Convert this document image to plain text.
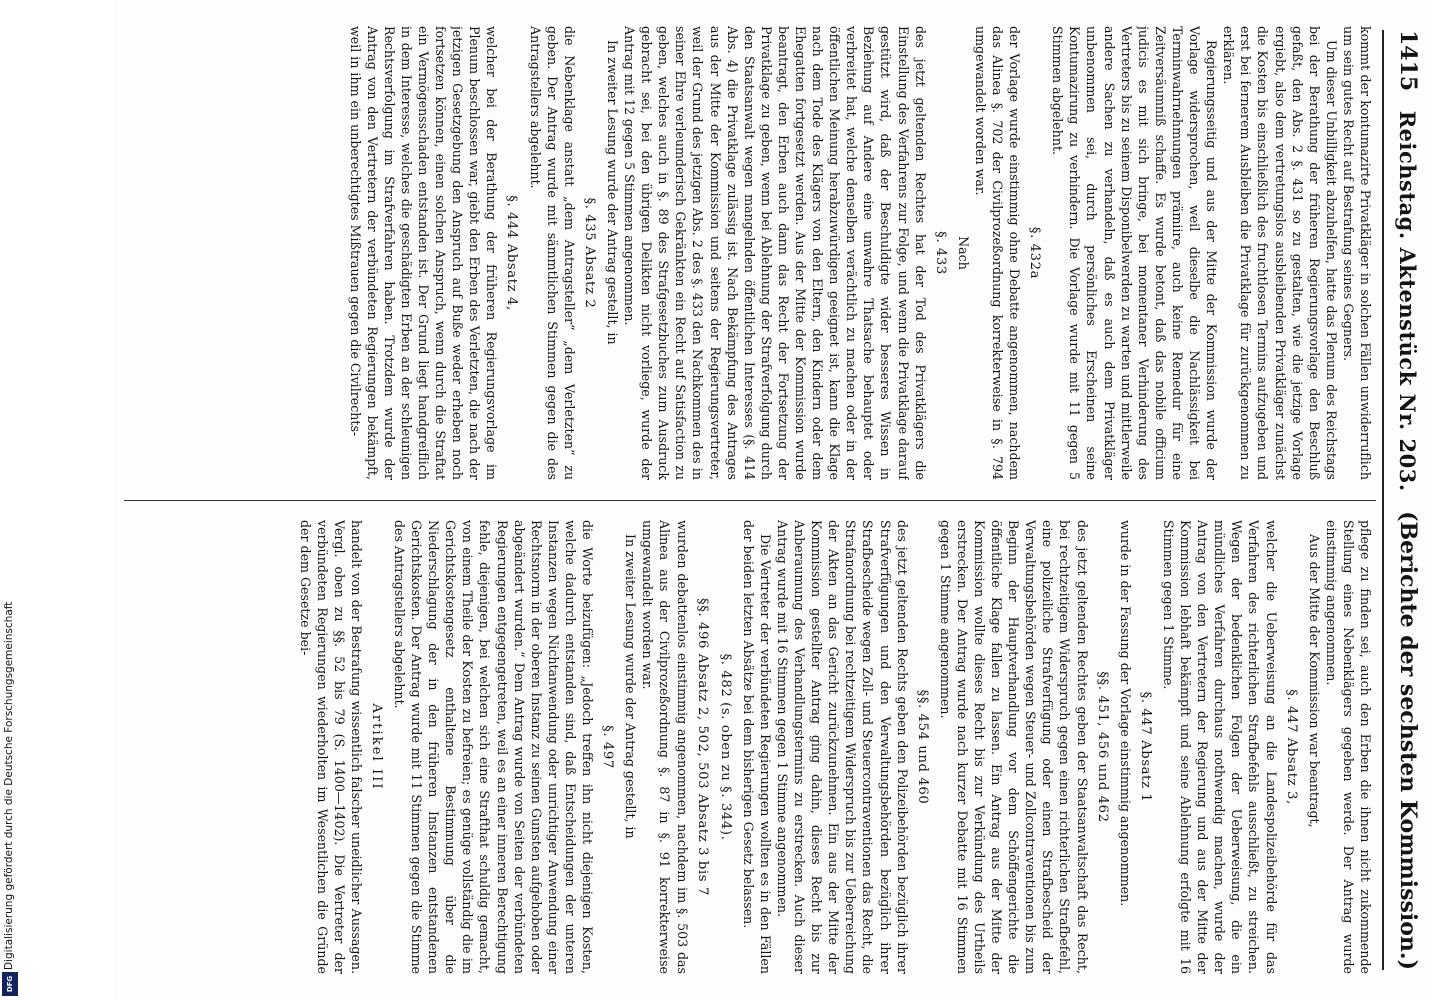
Digitalisierung gefördert durch die Deutsche Forschungsgemeinschaft
DFG
1415
Reichstag. Aktenstück Nr. 203.
(Berichte der sechsten Kommission.)

kommt der kontumazirte Privatkläger in solchen Fällen unwiderruflich um sein gutes Recht auf Bestrafung seines Gegners.

Um dieser Unbilligkeit abzuhelfen, hatte das Plenum des Reichstags bei der Berathung der früheren Regierungsvorlage den Beschluß gefaßt, den Abs. 2 §. 431 so zu gestalten, wie die jetzige Vorlage ergiebt, also dem vertretungslos ausbleibenden Privatkläger zunächst die Kosten bis einschließlich des fruchtlosen Termins aufzugeben und erst bei fernerem Ausbleiben die Privatklage für zurückgenommen zu erklären.

Regierungsseitig und aus der Mitte der Kommission wurde der Vorlage widersprochen, weil dieselbe die Nachlässigkeit bei Terminwahrnehmungen prämiire, auch keine Remedur für eine Zeitversäumniß schaffe. Es wurde betont, daß das nobile officium judicis es mit sich bringe, bei momentaner Verhinderung des Vertreters bis zu seinem Disponibelwerden zu warten und mittlerweile andere Sachen zu verhandeln, daß es auch dem Privatkläger unbenommen sei, durch persönliches Erscheinen seine Kontumazirung zu verhindern. Die Vorlage wurde mit 11 gegen 5 Stimmen abgelehnt.

§. 432a

der Vorlage wurde einstimmig ohne Debatte angenommen, nachdem das Alinea §. 702 der Civilprozeßordnung korrekterweise in §. 794 umgewandelt worden war.

Nach

§. 433

des jetzt geltenden Rechtes hat der Tod des Privatklägers die Einstellung des Verfahrens zur Folge, und wenn die Privatklage darauf gestützt wird, daß der Beschuldigte wider besseres Wissen in Beziehung auf Andere eine unwahre Thatsache behauptet oder verbreitet hat, welche denselben verächtlich zu machen oder in der öffentlichen Meinung herabzuwürdigen geeignet ist, kann die Klage nach dem Tode des Klägers von den Eltern, den Kindern oder dem Ehegatten fortgesetzt werden. Aus der Mitte der Kommission wurde beantragt, den Erben auch dann das Recht der Fortsetzung der Privatklage zu geben, wenn bei Ablehnung der Strafverfolgung durch den Staatsanwalt wegen mangelnden öffentlichen Interesses (§. 414 Abs. 4) die Privatklage zulässig ist. Nach Bekämpfung des Antrages aus der Mitte der Kommission und seitens der Regierungsvertreter, weil der Grund des jetzigen Abs. 2 des §. 433 den Nachkommen des in seiner Ehre verleumderisch Gekränkten ein Recht auf Satisfaction zu geben, welches auch in §. 89 des Strafgesetzbuches zum Ausdruck gebracht sei, bei den übrigen Delikten nicht vorliege, wurde der Antrag mit 12 gegen 5 Stimmen angenommen.

In zweiter Lesung wurde der Antrag gestellt, in

§. 435 Absatz 2

die Nebenklage anstatt „dem Antragsteller“ „dem Verletzten“ zu geben. Der Antrag wurde mit sämmtlichen Stimmen gegen die des Antragstellers abgelehnt.

§. 444 Absatz 4,

welcher bei der Berathung der früheren Regierungsvorlage im Plenum beschlossen war, giebt den Erben des Verletzten, die nach der jetzigen Gesetzgebung den Anspruch auf Buße weder erheben noch fortsetzen können, einen solchen Anspruch, wenn durch die Straftat ein Vermögensschaden entstanden ist. Der Grund liegt handgreiflich in dem Interesse, welches die geschädigten Erben an der schleunigen Rechtsverfolgung im Strafverfahren haben. Trotzdem wurde der Antrag von den Vertretern der verbündeten Regierungen bekämpft, weil in ihm ein unberechtigtes Mißtrauen gegen die Civilrechts-

pflege zu finden sei, auch den Erben die ihnen nicht zukommende Stellung eines Nebenklägers gegeben werde. Der Antrag wurde einstimmig angenommen.

Aus der Mitte der Kommission war beantragt,

§. 447 Absatz 3,

welcher die Ueberweisung an die Landespolizeibehörde für das Verfahren des richterlichen Strafbefehls ausschließt, zu streichen. Wegen der bedenklichen Folgen der Ueberweisung, die ein mündliches Verfahren durchaus nothwendig machen, wurde der Antrag von den Vertretern der Regierung und aus der Mitte der Kommission lebhaft bekämpft und seine Ablehnung erfolgte mit 16 Stimmen gegen 1 Stimme.

§. 447 Absatz 1

wurde in der Fassung der Vorlage einstimmig angenommen.

§§. 451, 456 und 462

des jetzt geltenden Rechtes geben der Staatsanwaltschaft das Recht, bei rechtzeitigem Widerspruch gegen einen richterlichen Strafbefehl, eine polizeiliche Strafverfügung oder einen Strafbescheid der Verwaltungsbehörden wegen Steuer- und Zollcontraventionen bis zum Beginn der Hauptverhandlung vor dem Schöffengerichte die öffentliche Klage fallen zu lassen. Ein Antrag aus der Mitte der Kommission wollte dieses Recht bis zur Verkündung des Urtheils erstrecken. Der Antrag wurde nach kurzer Debatte mit 16 Stimmen gegen 1 Stimme angenommen.

§§. 454 und 460

des jetzt geltenden Rechts geben den Polizeibehörden bezüglich ihrer Strafverfügungen und den Verwaltungsbehörden bezüglich ihrer Strafbescheide wegen Zoll- und Steuercontraventionen das Recht, die Strafanordnung bei rechtzeitigem Widerspruch bis zur Ueberreichung der Akten an das Gericht zurückzunehmen. Ein aus der Mitte der Kommission gestellter Antrag ging dahin, dieses Recht bis zur Anberaumung des Verhandlungstermins zu erstrecken. Auch dieser Antrag wurde mit 16 Stimmen gegen 1 Stimme angenommen.

Die Vertreter der verbündeten Regierungen wollten es in den Fällen der beiden letzten Absätze bei dem bisherigen Gesetz belassen.

§. 482 (s. oben zu §. 344).

§§. 496 Absatz 2, 502, 503 Absatz 3 bis 7

wurden debattenlos einstimmig angenommen, nachdem im §. 503 das Alinea aus der Civilprozeßordnung §. 87 in §. 91 korrekterweise umgewandelt worden war.

In zweiter Lesung wurde der Antrag gestellt, in

§. 497

die Worte beizufügen: „Jedoch treffen ihn nicht diejenigen Kosten, welche dadurch entstanden sind, daß Entscheidungen der unteren Instanzen wegen Nichtanwendung oder unrichtiger Anwendung einer Rechtsnorm in der oberen Instanz zu seinen Gunsten aufgehoben oder abgeändert wurden.“ Dem Antrag wurde von Seiten der verbündeten Regierungen entgegengetreten, weil es an einer inneren Berechtigung fehle, diejenigen, bei welchen sich eine Strafthat schuldig gemacht, von einem Theile der Kosten zu befreien; es genüge vollständig die im Gerichtskostengesetz enthaltene Bestimmung über die Niederschlagung der in den früheren Instanzen entstandenen Gerichtskosten. Der Antrag wurde mit 11 Stimmen gegen die Stimme des Antragstellers abgelehnt.

Artikel III

handelt von der Bestrafung wissentlich falscher uneidlicher Aussagen. Vergl. oben zu §§. 52 bis 79 (S. 1400—1402). Die Vertreter der verbündeten Regierungen wiederholten im Wesentlichen die Gründe der dem Gesetze bei-
